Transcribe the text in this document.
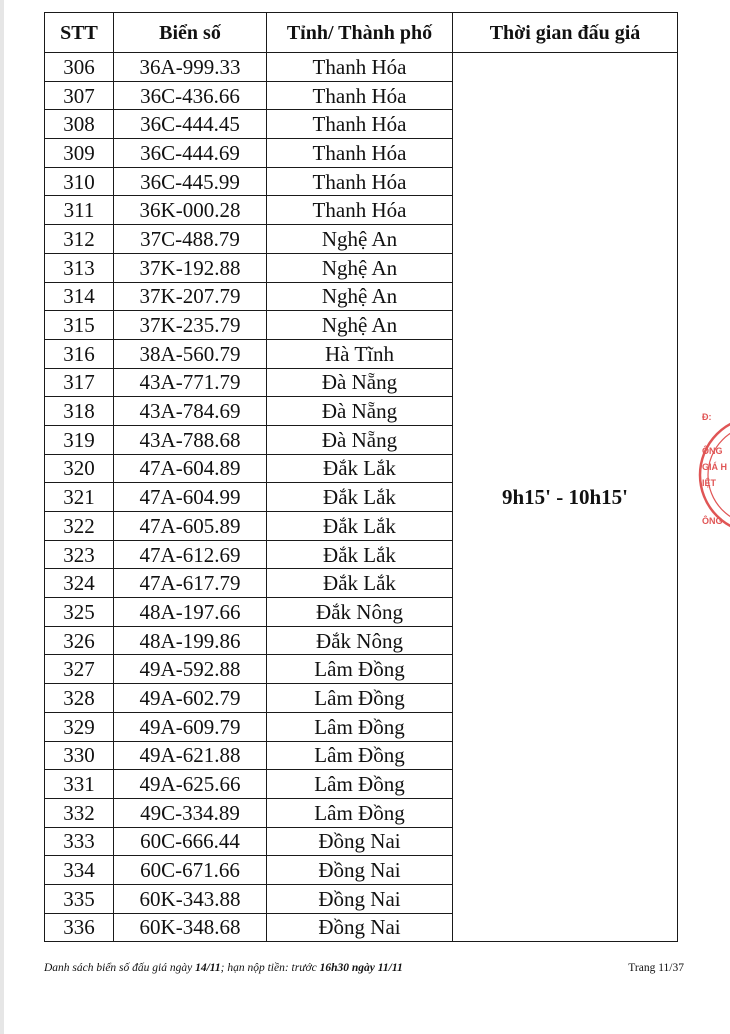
STT	Biển số	Tỉnh/ Thành phố	Thời gian đấu giá
306	36A-999.33	Thanh Hóa	9h15' - 10h15'
307	36C-436.66	Thanh Hóa	
308	36C-444.45	Thanh Hóa	
309	36C-444.69	Thanh Hóa	
310	36C-445.99	Thanh Hóa	
311	36K-000.28	Thanh Hóa	
312	37C-488.79	Nghệ An	
313	37K-192.88	Nghệ An	
314	37K-207.79	Nghệ An	
315	37K-235.79	Nghệ An	
316	38A-560.79	Hà Tĩnh	
317	43A-771.79	Đà Nẵng	
318	43A-784.69	Đà Nẵng	
319	43A-788.68	Đà Nẵng	
320	47A-604.89	Đắk Lắk	
321	47A-604.99	Đắk Lắk	
322	47A-605.89	Đắk Lắk	
323	47A-612.69	Đắk Lắk	
324	47A-617.79	Đắk Lắk	
325	48A-197.66	Đắk Nông	
326	48A-199.86	Đắk Nông	
327	49A-592.88	Lâm Đồng	
328	49A-602.79	Lâm Đồng	
329	49A-609.79	Lâm Đồng	
330	49A-621.88	Lâm Đồng	
331	49A-625.66	Lâm Đồng	
332	49C-334.89	Lâm Đồng	
333	60C-666.44	Đồng Nai	
334	60C-671.66	Đồng Nai	
335	60K-343.88	Đồng Nai	
336	60K-348.68	Đồng Nai	
Danh sách biển số đấu giá ngày 14/11; hạn nộp tiền: trước 16h30 ngày 11/11	Trang 11/37
Đ:
ÔNG
GIÁ H
IỆT
ÔNG
